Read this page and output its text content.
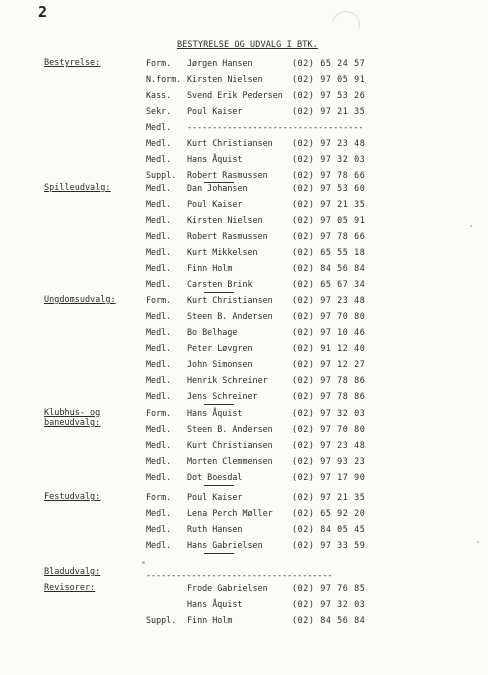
2
BESTYRELSE OG UDVALG I BTK.
Bestyrelse:	Form. Jørgen Hansen	(02) 65 24 57
N.form. Kirsten Nielsen	(02) 97 05 91
Kass. Svend Erik Pedersen (02) 97 53 26
Sekr. Poul Kaiser	(02) 97 21 35
Medl. -----------------------------------
Medl. Kurt Christiansen (02) 97 23 48
Medl. Hans Åquist	(02) 97 32 03
Suppl. Robert Rasmussen	(02) 97 78 66
Spilleudvalg:	Medl. Dan Johansen	(02) 97 53 60
Medl. Poul Kaiser	(02) 97 21 35
Medl. Kirsten Nielsen	(02) 97 05 91
Medl. Robert Rasmussen	(02) 97 78 66
Medl. Kurt Mikkelsen	(02) 65 55 18
Medl. Finn Holm	(02) 84 56 84
Medl. Carsten Brink	(02) 65 67 34
Ungdomsudvalg:	Form. Kurt Christiansen (02) 97 23 48
Medl. Steen B. Andersen (02) 97 70 80
Medl. Bo Belhage	(02) 97 10 46
Medl. Peter Løvgren	(02) 91 12 40
Medl. John Simonsen	(02) 97 12 27
Medl. Henrik Schreiner	(02) 97 78 86
Medl. Jens Schreiner	(02) 97 78 86
Klubhus- og
baneudvalg:
Form. Hans Åquist	(02) 97 32 03
Medl. Steen B. Andersen (02) 97 70 80
Medl. Kurt Christiansen (02) 97 23 48
Medl. Morten Clemmensen (02) 97 93 23
Medl. Dot Boesdal	(02) 97 17 90
Festudvalg:	Form. Poul Kaiser	(02) 97 21 35
Medl. Lena Perch Møller (02) 65 92 20
Medl. Ruth Hansen	(02) 84 05 45
Medl. Hans Gabrielsen	(02) 97 33 59
Bladudvalg:
Revisorer:	Frode Gabrielsen	(02) 97 76 85
Hans Åquist	(02) 97 32 03
Suppl. Finn Holm	(02) 84 56 84
-------------------------------------
